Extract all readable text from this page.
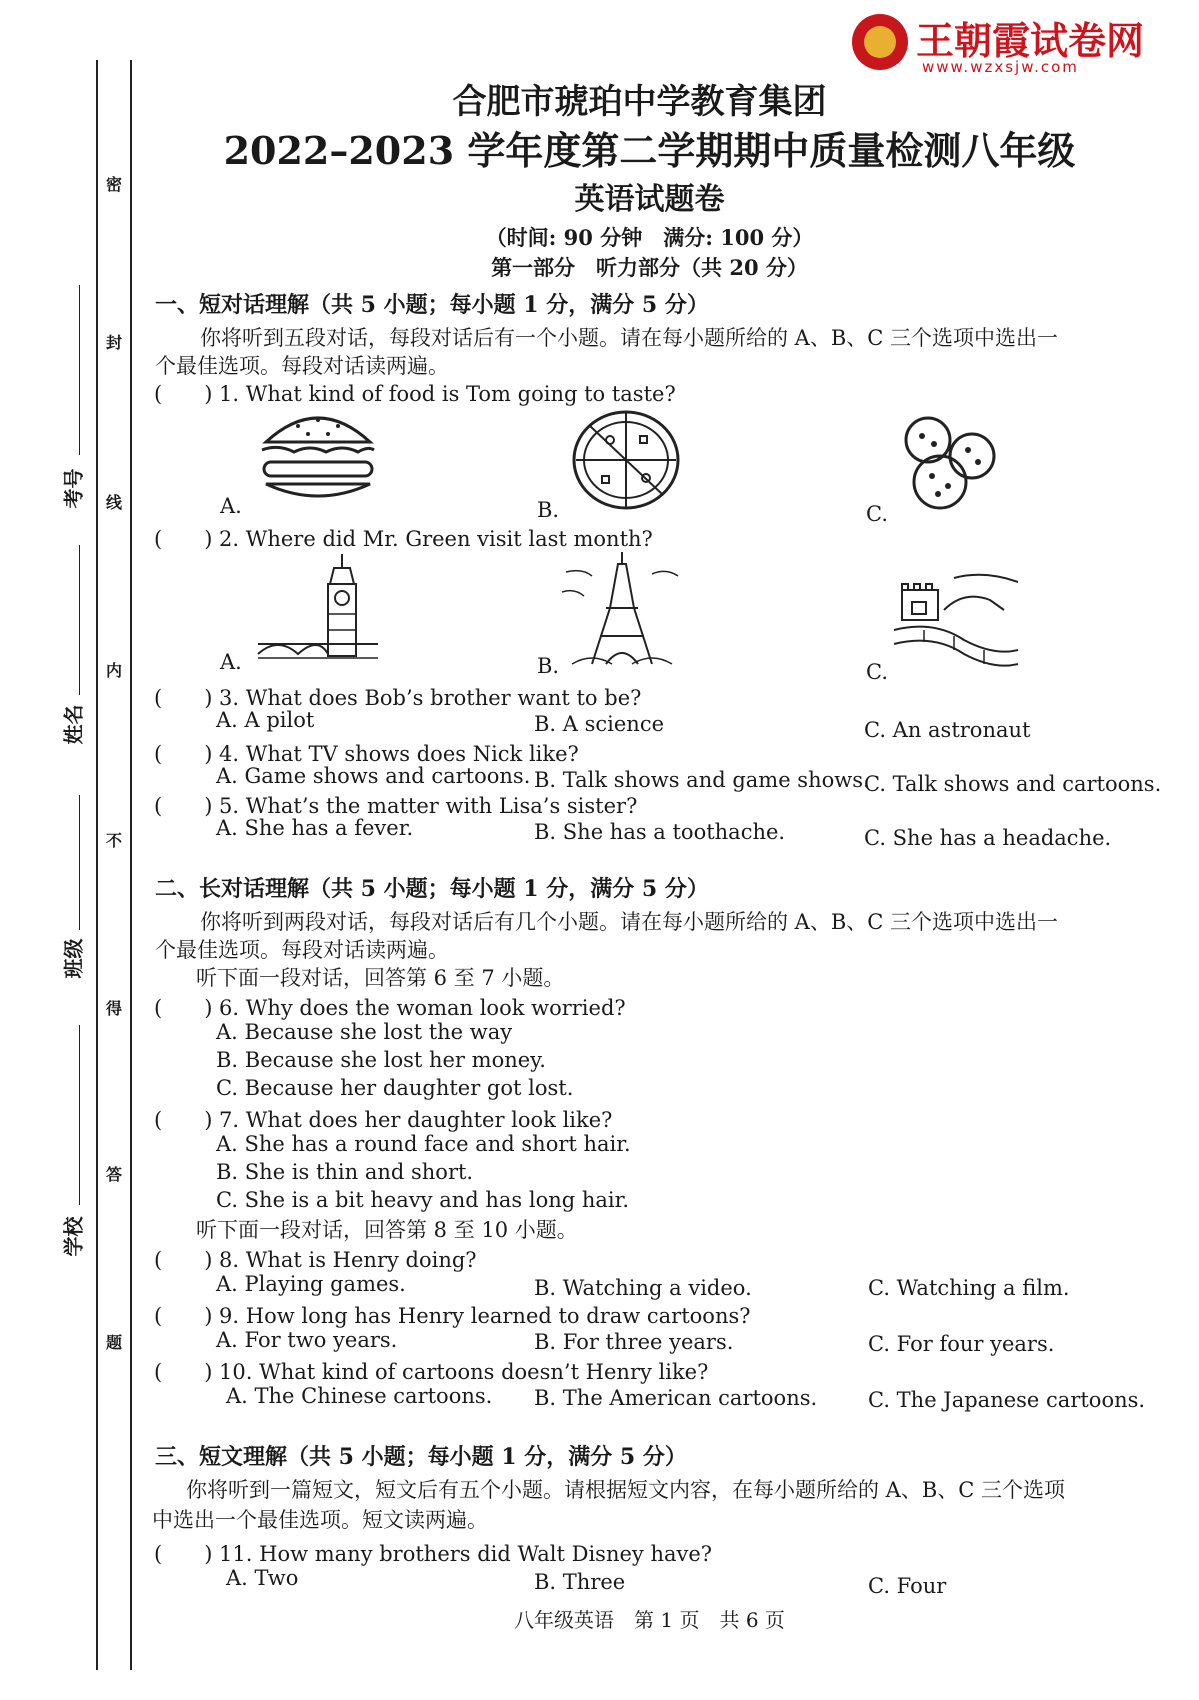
王朝霞试卷网
www.wzxsjw.com
密
封
线
内
不
得
答
题
考号
姓名
班级
学校
合肥市琥珀中学教育集团
2022–2023 学年度第二学期期中质量检测八年级
英语试题卷
（时间: 90 分钟　满分: 100 分）
第一部分　听力部分（共 20 分）
一、短对话理解（共 5 小题；每小题 1 分，满分 5 分）
你将听到五段对话，每段对话后有一个小题。请在每小题所给的 A、B、C 三个选项中选出一
个最佳选项。每段对话读两遍。
(　　) 1. What kind of food is Tom going to taste?
A.	B.	C.
(　　) 2. Where did Mr. Green visit last month?
A.	B.	C.
(　　) 3. What does Bob’s brother want to be?
A. A pilot	B. A science	C. An astronaut
(　　) 4. What TV shows does Nick like?
A. Game shows and cartoons. B. Talk shows and game shows.
C. Talk shows and cartoons.
(　　) 5. What’s the matter with Lisa’s sister?
A. She has a fever.	B. She has a toothache.	C. She has a headache.
二、长对话理解（共 5 小题；每小题 1 分，满分 5 分）
你将听到两段对话，每段对话后有几个小题。请在每小题所给的 A、B、C 三个选项中选出一
个最佳选项。每段对话读两遍。
听下面一段对话，回答第 6 至 7 小题。
(　　) 6. Why does the woman look worried?
A. Because she lost the way
B. Because she lost her money.
C. Because her daughter got lost.
(　　) 7. What does her daughter look like?
A. She has a round face and short hair.
B. She is thin and short.
C. She is a bit heavy and has long hair.
听下面一段对话，回答第 8 至 10 小题。
(　　) 8. What is Henry doing?
A. Playing games.	B. Watching a video.	C. Watching a film.
(　　) 9. How long has Henry learned to draw cartoons?
A. For two years.	B. For three years.	C. For four years.
(　　) 10. What kind of cartoons doesn’t Henry like?
A. The Chinese cartoons. B. The American cartoons. C. The Japanese cartoons.
三、短文理解（共 5 小题；每小题 1 分，满分 5 分）
你将听到一篇短文，短文后有五个小题。请根据短文内容，在每小题所给的 A、B、C 三个选项
中选出一个最佳选项。短文读两遍。
(　　) 11. How many brothers did Walt Disney have?
A. Two	B. Three	C. Four
八年级英语　第 1 页　共 6 页
